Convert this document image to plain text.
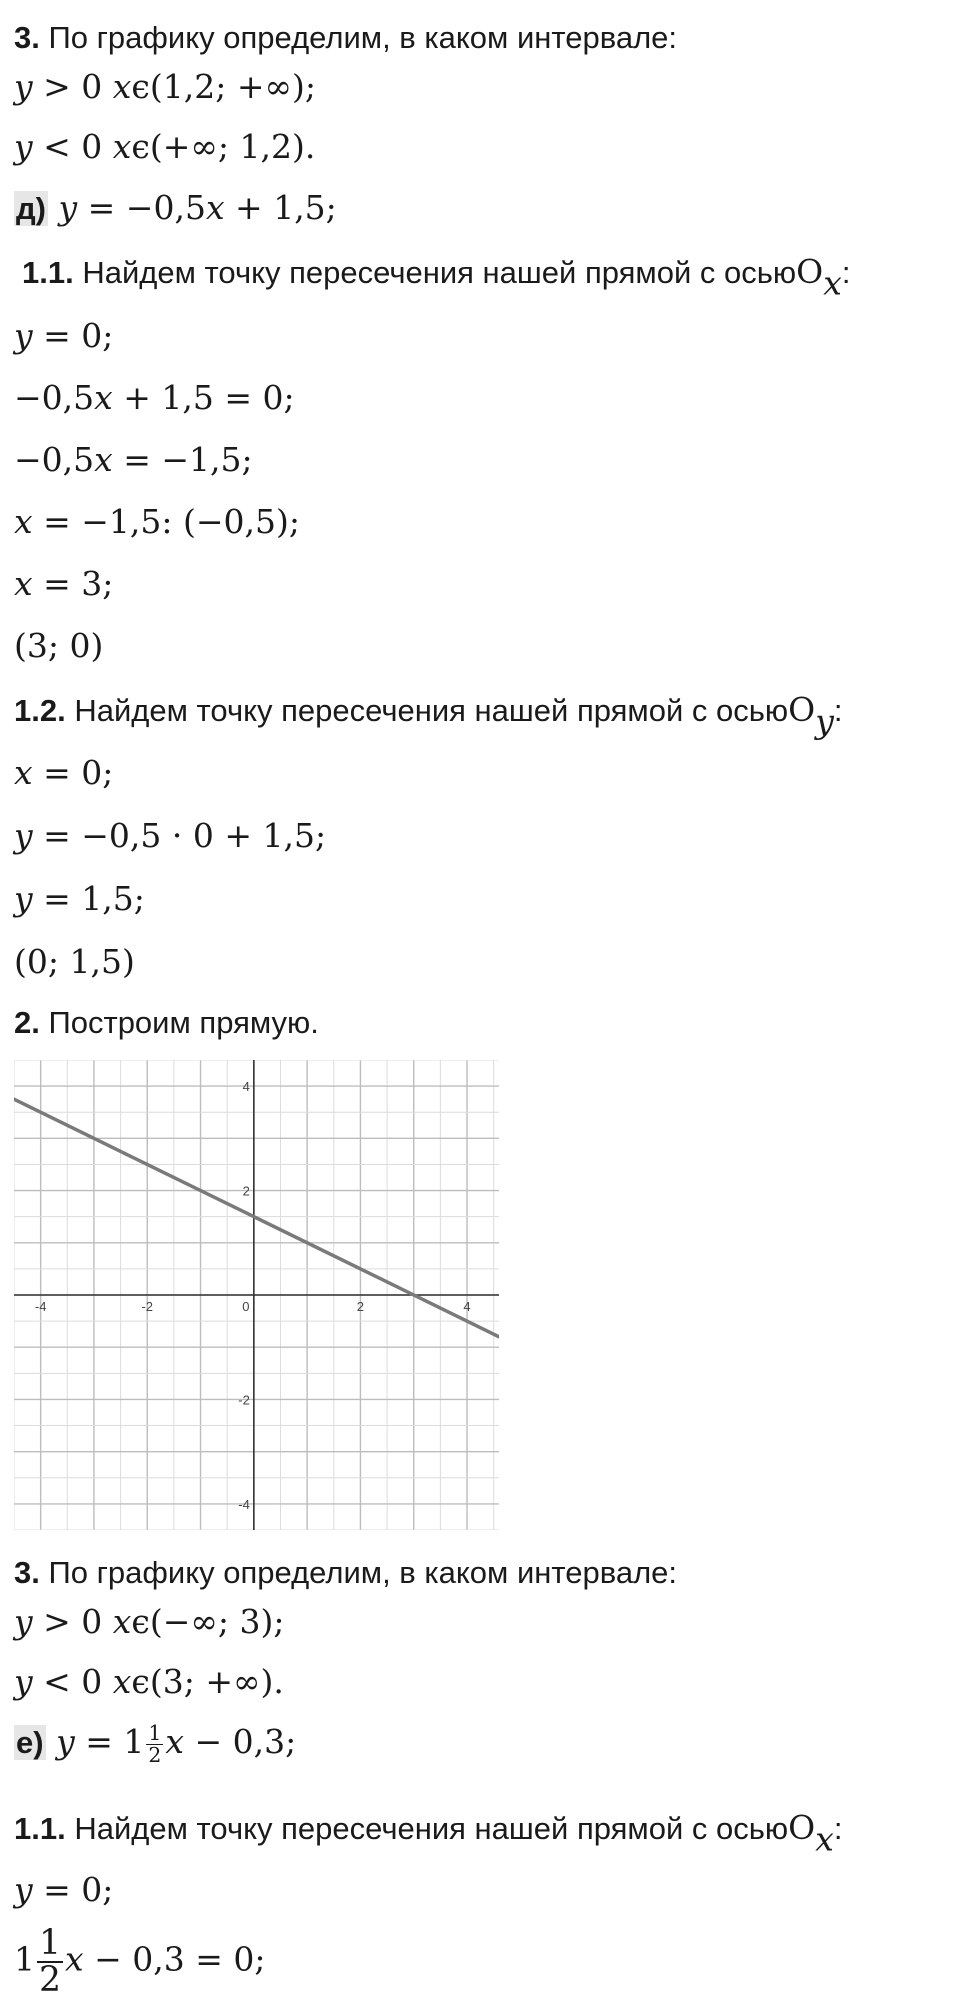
3. По графику определим, в каком интервале:
y > 0 xϵ(1,2; +∞);
y < 0 xϵ(+∞; 1,2).
д) y = −0,5x + 1,5;
1.1. Найдем точку пересечения нашей прямой с осьюO$_x$:
y = 0;
−0,5x + 1,5 = 0;
−0,5x = −1,5;
x = −1,5: (−0,5);
x = 3;
(3; 0)
1.2. Найдем точку пересечения нашей прямой с осьюO$_y$:
x = 0;
y = −0,5 · 0 + 1,5;
y = 1,5;
(0; 1,5)
2. Построим прямую.
-4	-2	0	2	4
4
2
-2
-4
3. По графику определим, в каком интервале:
y > 0 xϵ(−∞; 3);
y < 0 xϵ(3; +∞).
е) $y = 1 \frac{1}{2}$ x − 0,3;
1.1. Найдем точку пересечения нашей прямой с осьюO$_x$:
y = 0;
$1 \frac{1}{2}$ x − 0,3 = 0;
